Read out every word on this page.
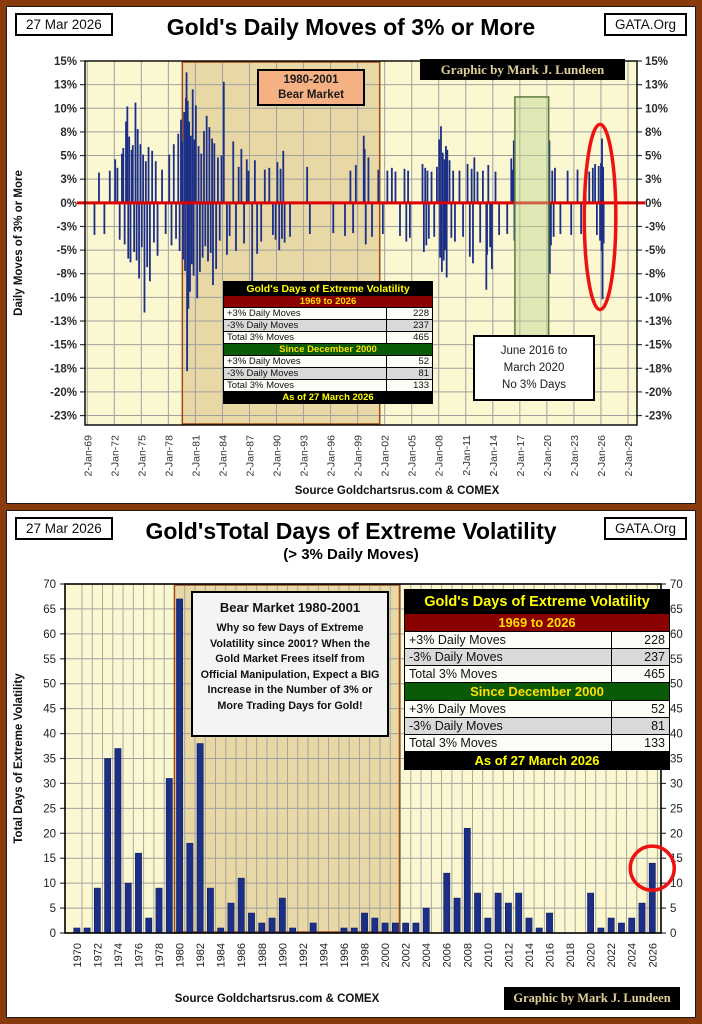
27 Mar 2026	Gold's Daily Moves of 3% or More	GATA.Org
15%	15%
13%	13%
10%	10%
8%	8%
5%	5%
3%	3%
0%	0%
-3%	-3%
-5%	-5%
-8%	-8%
-10%	-10%
-13%	-13%
-15%	-15%
-18%	-18%
-20%	-20%
-23%	-23%
2-Jan-69 2-Jan-72 2-Jan-75 2-Jan-78 2-Jan-81 2-Jan-84 2-Jan-87 2-Jan-90 2-Jan-93 2-Jan-96 2-Jan-99 2-Jan-02 2-Jan-05 2-Jan-08 2-Jan-11 2-Jan-14 2-Jan-17 2-Jan-20 2-Jan-23 2-Jan-26 2-Jan-29
Daily Moves of 3% or More
Graphic by Mark J. Lundeen
1980-2001
Bear Market
June 2016 to
March 2020
No 3% Days
Gold's Days of Extreme Volatility	
1969 to 2026	
+3% Daily Moves	228
-3% Daily Moves	237
Total 3% Moves	465
Since December 2000	
+3% Daily Moves	52
-3% Daily Moves	81
Total 3% Moves	133
As of 27 March 2026	
Source Goldchartsrus.com & COMEX
27 Mar 2026	Gold'sTotal Days of Extreme Volatility
(> 3% Daily Moves)
GATA.Org
0	0
5	5
10	10
15	15
20	20
25	25
30	30
35	35
40	40
45	45
50	50
55	55
60	60
65	65
70	70
1970 1972 1974 1976 1978 1980 1982 1984 1986 1988 1990 1992 1994 1996 1998 2000 2002 2004 2006 2008 2010 2012 2014 2016 2018 2020 2022 2024 2026
Total Days of Extreme Volatility
Bear Market 1980-2001
Why so few Days of Extreme Volatility since 2001? When the Gold Market Frees itself from Official Manipulation, Expect a BIG Increase in the Number of 3% or More Trading Days for Gold!
Gold's Days of Extreme Volatility	
1969 to 2026	
+3% Daily Moves	228
-3% Daily Moves	237
Total 3% Moves	465
Since December 2000	
+3% Daily Moves	52
-3% Daily Moves	81
Total 3% Moves	133
As of 27 March 2026	
Source Goldchartsrus.com & COMEX	Graphic by Mark J. Lundeen
